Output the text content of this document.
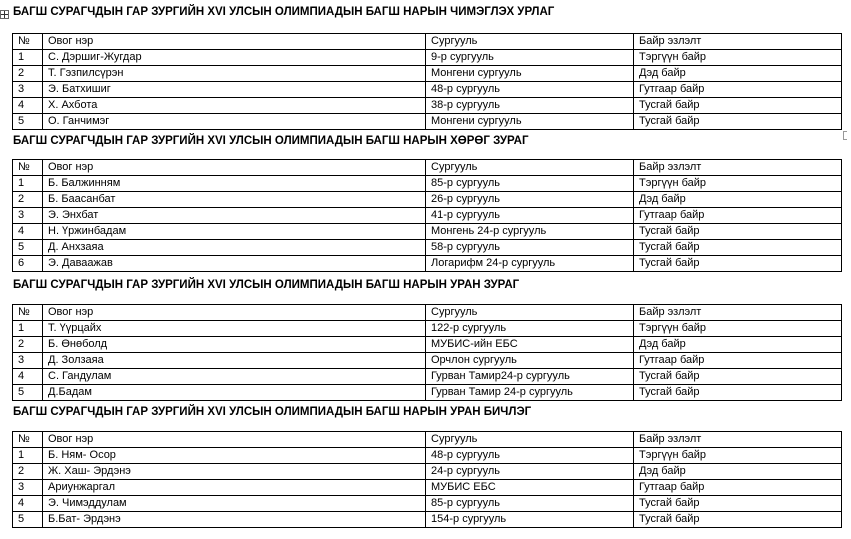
БАГШ СУРАГЧДЫН ГАР ЗУРГИЙН XVI УЛСЫН ОЛИМПИАДЫН БАГШ НАРЫН ЧИМЭГЛЭХ УРЛАГ
№	Овог нэр	Сургууль	Байр эзлэлт
1	С. Дэршиг-Жугдар	9-р сургууль	Тэргүүн байр
2	Т. Гэзпилсүрэн	Монгени сургууль	Дэд байр
3	Э. Батхишиг	48-р сургууль	Гутгаар байр
4	Х. Ахбота	38-р сургууль	Тусгай байр
5	О. Ганчимэг	Монгени сургууль	Тусгай байр
БАГШ СУРАГЧДЫН ГАР ЗУРГИЙН XVI УЛСЫН ОЛИМПИАДЫН БАГШ НАРЫН ХӨРӨГ ЗУРАГ
№	Овог нэр	Сургууль	Байр эзлэлт
1	Б. Балжинням	85-р сургууль	Тэргүүн байр
2	Б. Баасанбат	26-р сургууль	Дэд байр
3	Э. Энхбат	41-р сургууль	Гутгаар байр
4	Н. Үржинбадам	Монгень 24-р сургууль	Тусгай байр
5	Д. Анхзаяа	58-р сургууль	Тусгай байр
6	Э. Даваажав	Логарифм 24-р сургууль	Тусгай байр
БАГШ СУРАГЧДЫН ГАР ЗУРГИЙН XVI УЛСЫН ОЛИМПИАДЫН БАГШ НАРЫН УРАН ЗУРАГ
№	Овог нэр	Сургууль	Байр эзлэлт
1	Т. Үүрцайх	122-р сургууль	Тэргүүн байр
2	Б. Өнөболд	МУБИС-ийн ЕБС	Дэд байр
3	Д. Золзаяа	Орчлон сургууль	Гутгаар байр
4	С. Гандулам	Гурван Тамир24-р сургууль	Тусгай байр
5	Д.Бадам	Гурван Тамир 24-р сургууль	Тусгай байр
БАГШ СУРАГЧДЫН ГАР ЗУРГИЙН XVI УЛСЫН ОЛИМПИАДЫН БАГШ НАРЫН УРАН БИЧЛЭГ
№	Овог нэр	Сургууль	Байр эзлэлт
1	Б. Ням- Осор	48-р сургууль	Тэргүүн байр
2	Ж. Хаш- Эрдэнэ	24-р сургууль	Дэд байр
3	Ариунжаргал	МУБИС ЕБС	Гутгаар байр
4	Э. Чимэддулам	85-р сургууль	Тусгай байр
5	Б.Бат- Эрдэнэ	154-р сургууль	Тусгай байр
